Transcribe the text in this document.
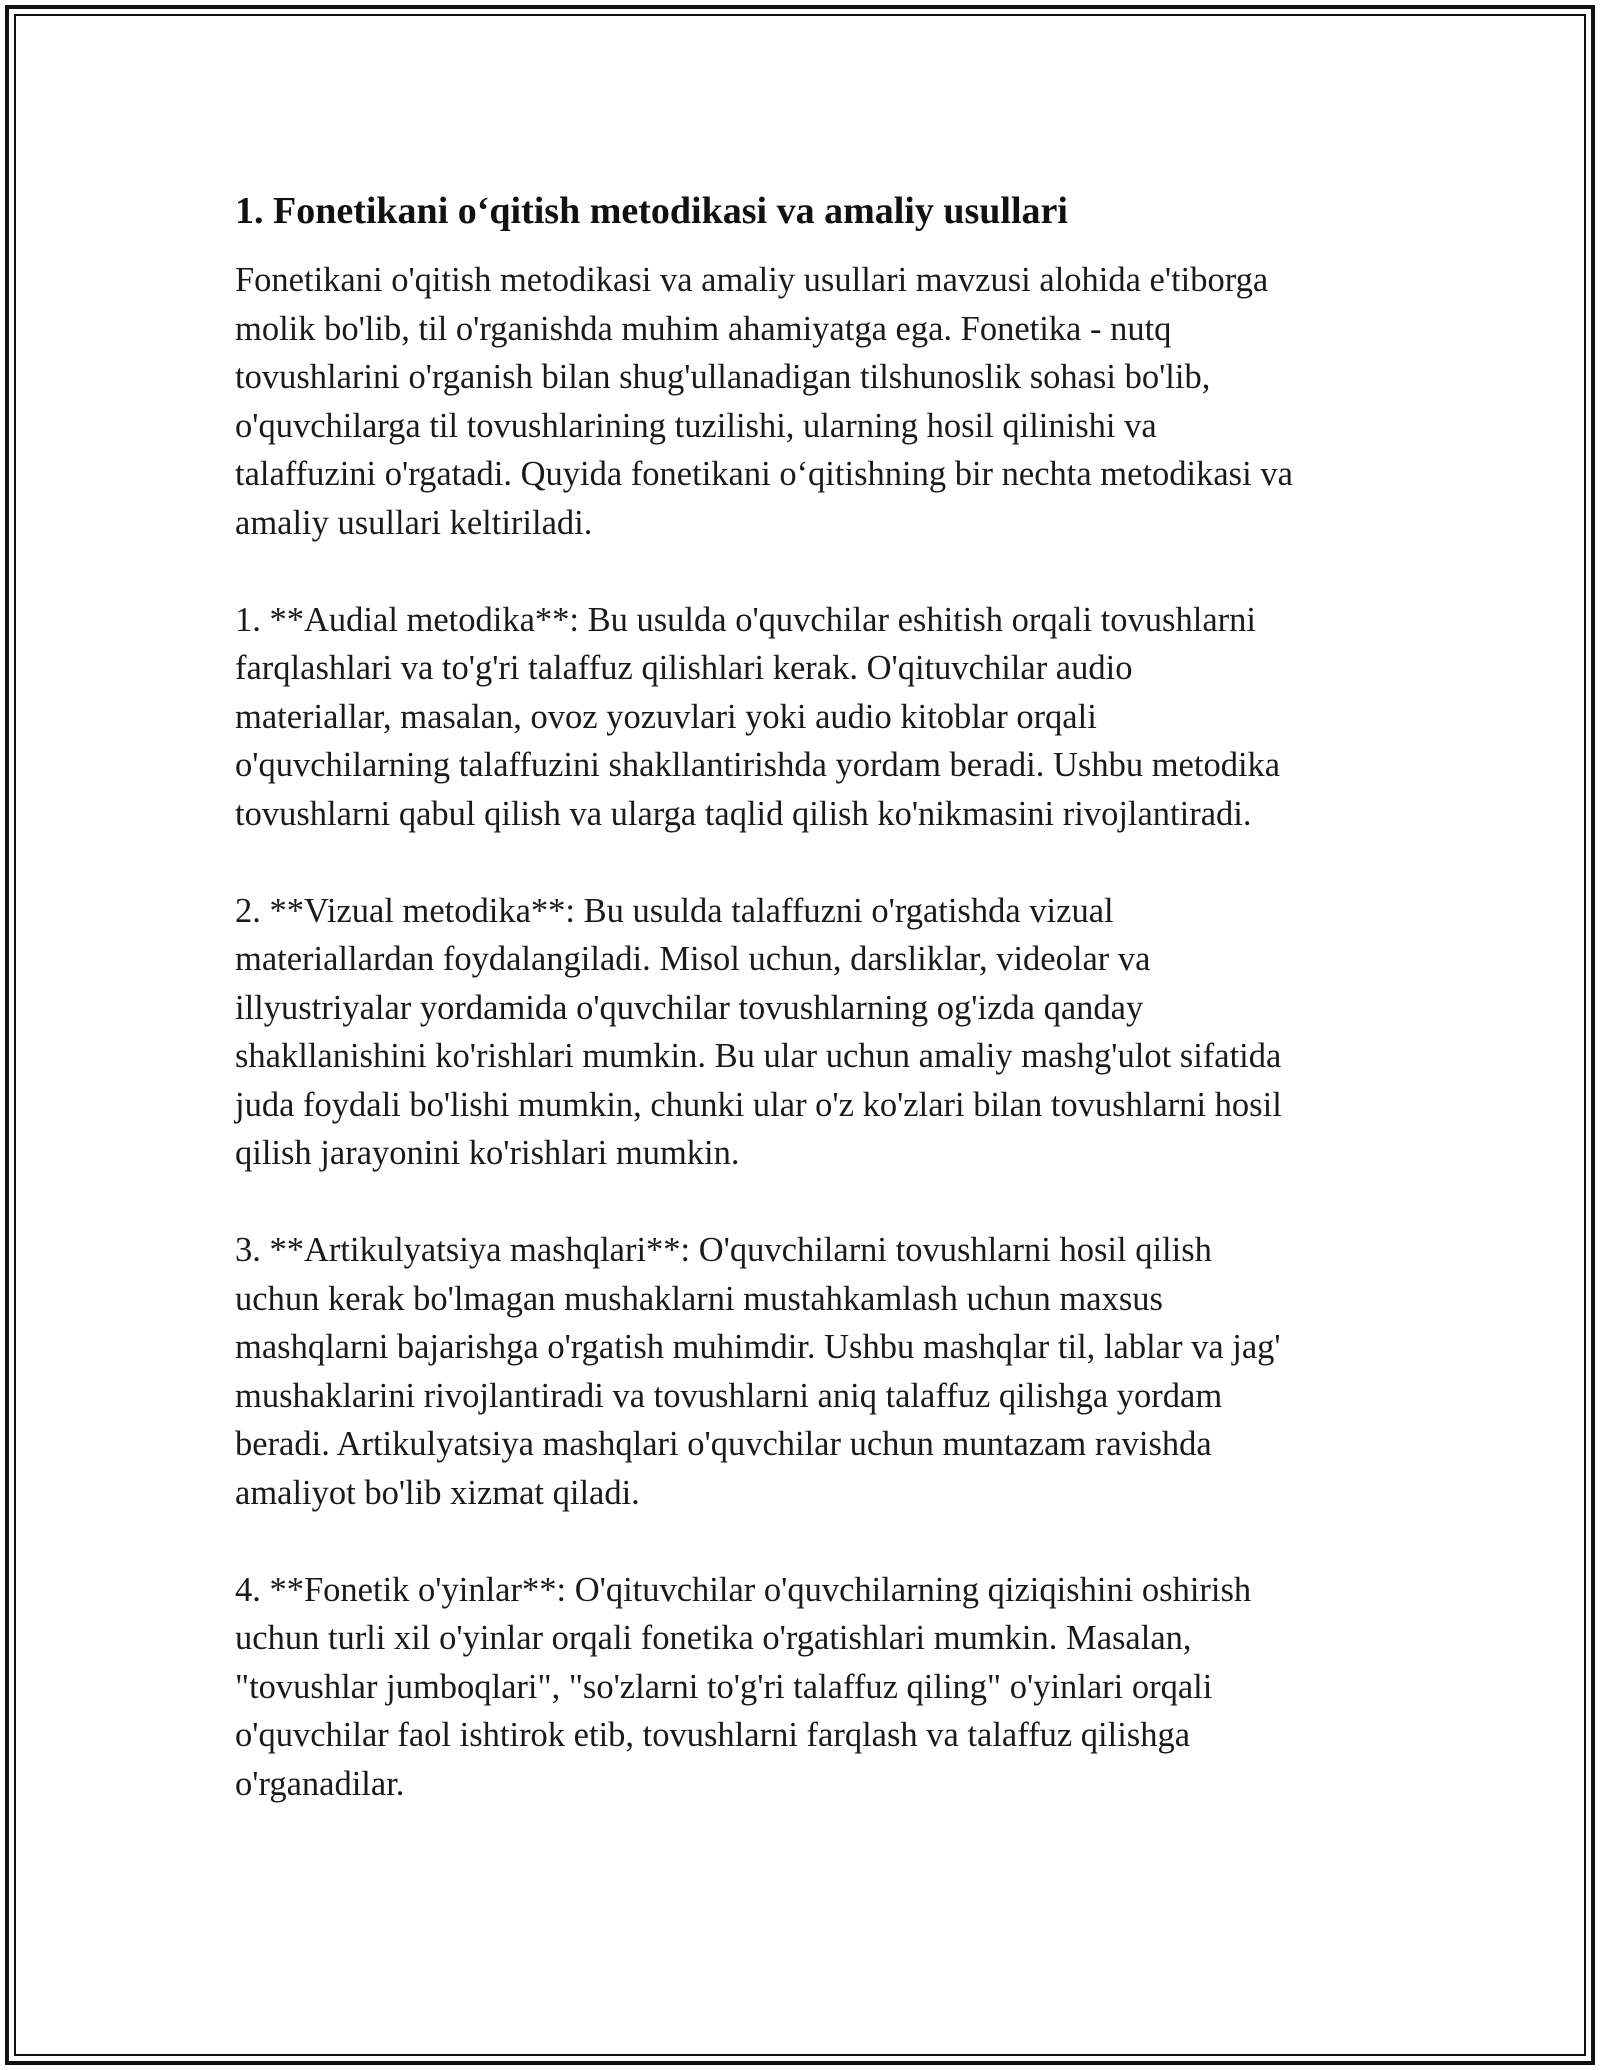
1. Fonetikani o‘qitish metodikasi va amaliy usullari
Fonetikani o'qitish metodikasi va amaliy usullari mavzusi alohida e'tiborga
molik bo'lib, til o'rganishda muhim ahamiyatga ega. Fonetika - nutq
tovushlarini o'rganish bilan shug'ullanadigan tilshunoslik sohasi bo'lib,
o'quvchilarga til tovushlarining tuzilishi, ularning hosil qilinishi va
talaffuzini o'rgatadi. Quyida fonetikani o‘qitishning bir nechta metodikasi va
amaliy usullari keltiriladi.
1. **Audial metodika**: Bu usulda o'quvchilar eshitish orqali tovushlarni
farqlashlari va to'g'ri talaffuz qilishlari kerak. O'qituvchilar audio
materiallar, masalan, ovoz yozuvlari yoki audio kitoblar orqali
o'quvchilarning talaffuzini shakllantirishda yordam beradi. Ushbu metodika
tovushlarni qabul qilish va ularga taqlid qilish ko'nikmasini rivojlantiradi.
2. **Vizual metodika**: Bu usulda talaffuzni o'rgatishda vizual
materiallardan foydalangiladi. Misol uchun, darsliklar, videolar va
illyustriyalar yordamida o'quvchilar tovushlarning og'izda qanday
shakllanishini ko'rishlari mumkin. Bu ular uchun amaliy mashg'ulot sifatida
juda foydali bo'lishi mumkin, chunki ular o'z ko'zlari bilan tovushlarni hosil
qilish jarayonini ko'rishlari mumkin.
3. **Artikulyatsiya mashqlari**: O'quvchilarni tovushlarni hosil qilish
uchun kerak bo'lmagan mushaklarni mustahkamlash uchun maxsus
mashqlarni bajarishga o'rgatish muhimdir. Ushbu mashqlar til, lablar va jag'
mushaklarini rivojlantiradi va tovushlarni aniq talaffuz qilishga yordam
beradi. Artikulyatsiya mashqlari o'quvchilar uchun muntazam ravishda
amaliyot bo'lib xizmat qiladi.
4. **Fonetik o'yinlar**: O'qituvchilar o'quvchilarning qiziqishini oshirish
uchun turli xil o'yinlar orqali fonetika o'rgatishlari mumkin. Masalan,
"tovushlar jumboqlari", "so'zlarni to'g'ri talaffuz qiling" o'yinlari orqali
o'quvchilar faol ishtirok etib, tovushlarni farqlash va talaffuz qilishga
o'rganadilar.
